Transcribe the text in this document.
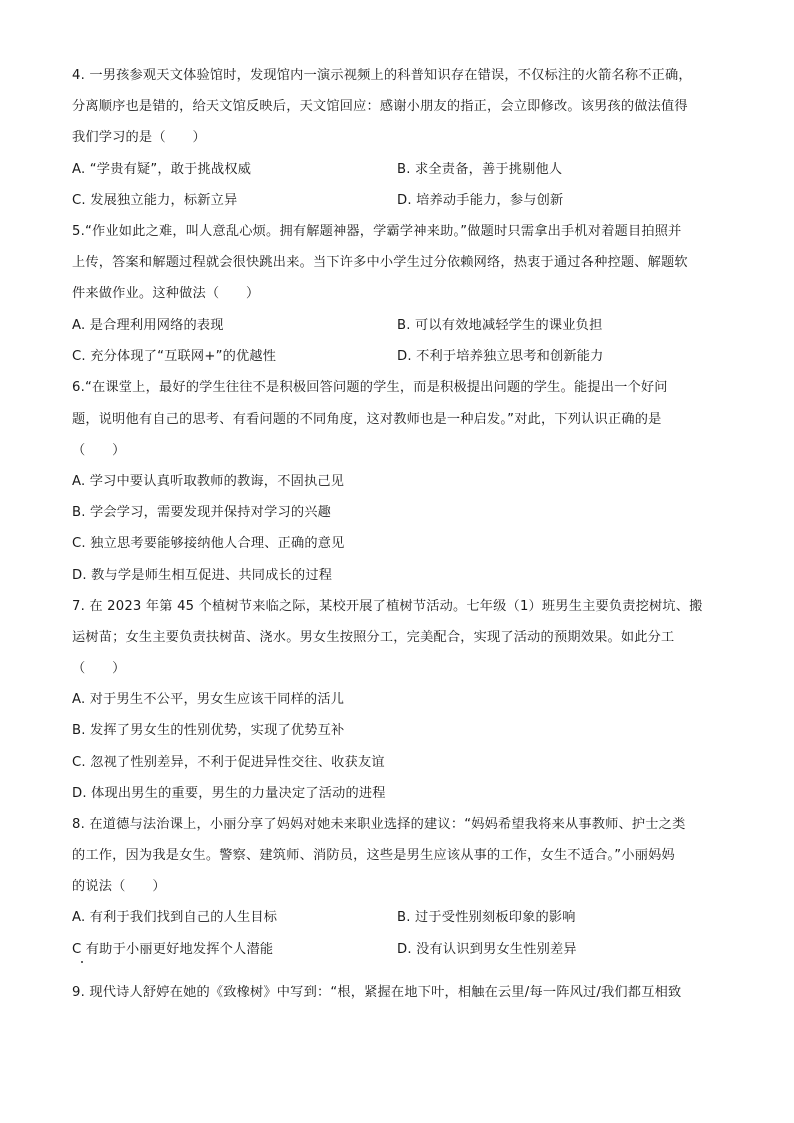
4. 一男孩参观天文体验馆时，发现馆内一演示视频上的科普知识存在错误，不仅标注的火箭名称不正确，
分离顺序也是错的，给天文馆反映后，天文馆回应：感谢小朋友的指正，会立即修改。该男孩的做法值得
我们学习的是（　　）
A. “学贵有疑”，敢于挑战权威	B. 求全责备，善于挑剔他人
C. 发展独立能力，标新立异	D. 培养动手能力，参与创新
5.“作业如此之难，叫人意乱心烦。拥有解题神器，学霸学神来助。”做题时只需拿出手机对着题目拍照并
上传，答案和解题过程就会很快跳出来。当下许多中小学生过分依赖网络，热衷于通过各种控题、解题软
件来做作业。这种做法（　　）
A. 是合理利用网络的表现	B. 可以有效地减轻学生的课业负担
C. 充分体现了“互联网+”的优越性	D. 不利于培养独立思考和创新能力
6.“在课堂上，最好的学生往往不是积极回答问题的学生，而是积极提出问题的学生。能提出一个好问
题，说明他有自己的思考、有看问题的不同角度，这对教师也是一种启发。”对此，下列认识正确的是
（　　）
A. 学习中要认真听取教师的教诲，不固执己见
B. 学会学习，需要发现并保持对学习的兴趣
C. 独立思考要能够接纳他人合理、正确的意见
D. 教与学是师生相互促进、共同成长的过程
7. 在 2023 年第 45 个植树节来临之际，某校开展了植树节活动。七年级（1）班男生主要负责挖树坑、搬
运树苗；女生主要负责扶树苗、浇水。男女生按照分工，完美配合，实现了活动的预期效果。如此分工
（　　）
A. 对于男生不公平，男女生应该干同样的活儿
B. 发挥了男女生的性别优势，实现了优势互补
C. 忽视了性别差异，不利于促进异性交往、收获友谊
D. 体现出男生的重要，男生的力量决定了活动的进程
8. 在道德与法治课上，小丽分享了妈妈对她未来职业选择的建议：“妈妈希望我将来从事教师、护士之类
的工作，因为我是女生。警察、建筑师、消防员，这些是男生应该从事的工作，女生不适合。”小丽妈妈
的说法（　　）
A. 有利于我们找到自己的人生目标	B. 过于受性别刻板印象的影响
C 有助于小丽更好地发挥个人潜能	D. 没有认识到男女生性别差异
9. 现代诗人舒婷在她的《致橡树》中写到：“根，紧握在地下叶，相触在云里/每一阵风过/我们都互相致
